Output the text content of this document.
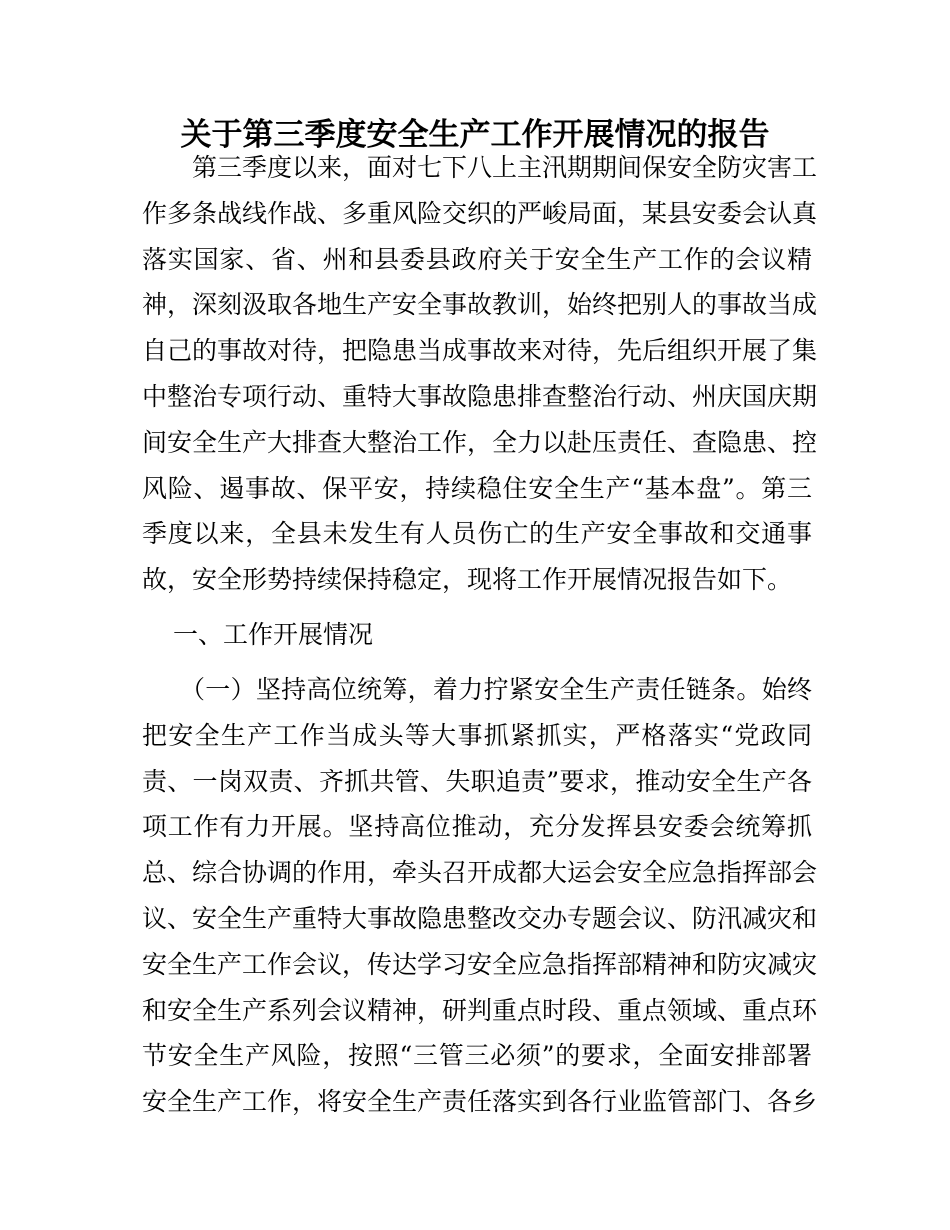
关于第三季度安全生产工作开展情况的报告
　　第三季度以来，面对七下八上主汛期期间保安全防灾害工
作多条战线作战、多重风险交织的严峻局面，某县安委会认真
落实国家、省、州和县委县政府关于安全生产工作的会议精
神，深刻汲取各地生产安全事故教训，始终把别人的事故当成
自己的事故对待，把隐患当成事故来对待，先后组织开展了集
中整治专项行动、重特大事故隐患排查整治行动、州庆国庆期
间安全生产大排查大整治工作，全力以赴压责任、查隐患、控
风险、遏事故、保平安，持续稳住安全生产“基本盘”。第三
季度以来，全县未发生有人员伤亡的生产安全事故和交通事
故，安全形势持续保持稳定，现将工作开展情况报告如下。
一、工作开展情况
（一）坚持高位统筹，着力拧紧安全生产责任链条。始终
把安全生产工作当成头等大事抓紧抓实，严格落实“党政同
责、一岗双责、齐抓共管、失职追责”要求，推动安全生产各
项工作有力开展。坚持高位推动，充分发挥县安委会统筹抓
总、综合协调的作用，牵头召开成都大运会安全应急指挥部会
议、安全生产重特大事故隐患整改交办专题会议、防汛减灾和
安全生产工作会议，传达学习安全应急指挥部精神和防灾减灾
和安全生产系列会议精神，研判重点时段、重点领域、重点环
节安全生产风险，按照“三管三必须”的要求，全面安排部署
安全生产工作，将安全生产责任落实到各行业监管部门、各乡
